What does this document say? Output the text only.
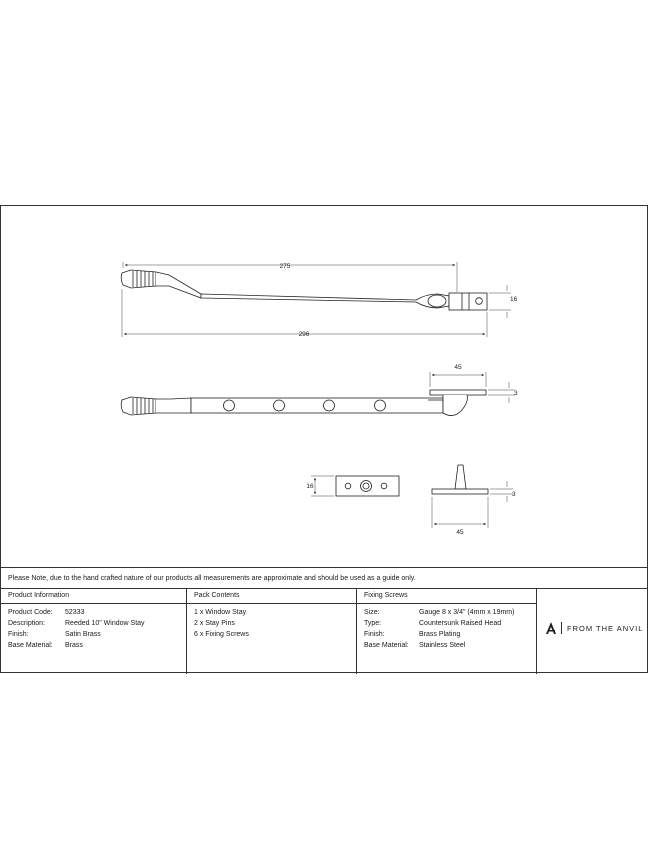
275
296
16
45
3
16
45
3
Please Note, due to the hand crafted nature of our products all measurements are approximate and should be used as a guide only.
Product Information
Product Code: 52333
Description:	Reeded 10" Window Stay
Finish:	Satin Brass
Base Material: Brass
Pack Contents
1 x Window Stay
2 x Stay Pins
6 x Fixing Screws
Fixing Screws
Size:	Gauge 8 x 3/4" (4mm x 19mm)
Type:	Countersunk Raised Head
Finish:	Brass Plating
Base Material: Stainless Steel
FROM THE ANVIL
